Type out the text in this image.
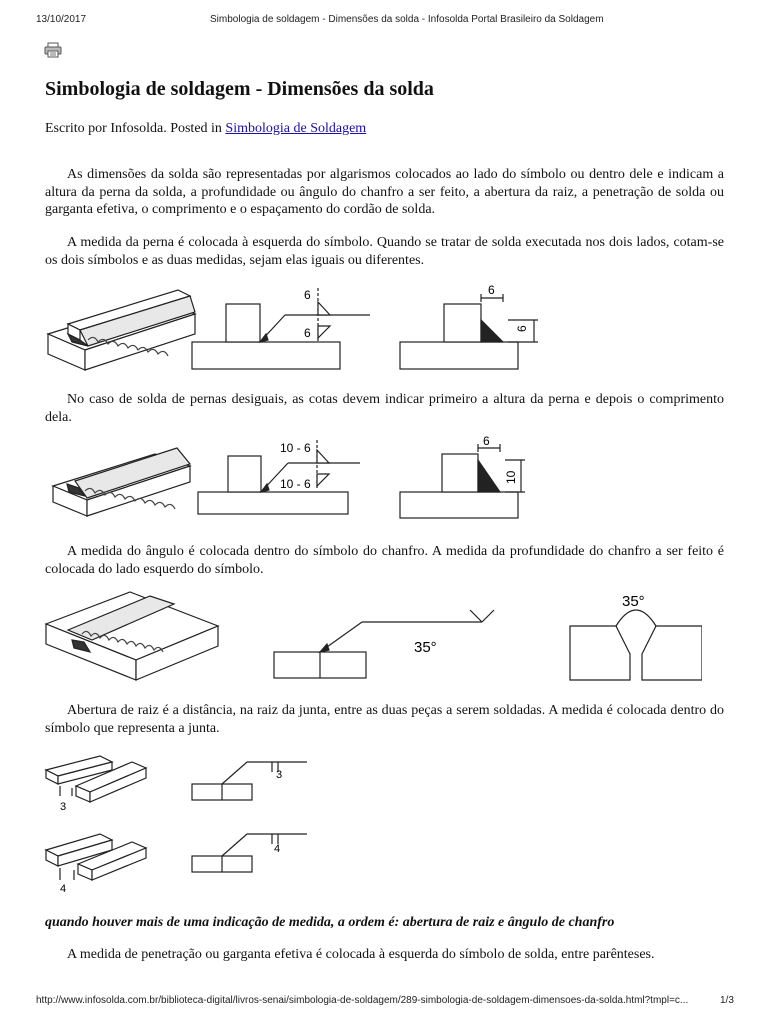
13/10/2017	Simbologia de soldagem - Dimensões da solda - Infosolda Portal Brasileiro da Soldagem
Simbologia de soldagem - Dimensões da solda
Escrito por Infosolda. Posted in Simbologia de Soldagem

As dimensões da solda são representadas por algarismos colocados ao lado do símbolo ou dentro dele e indicam a altura da perna da solda, a profundidade ou ângulo do chanfro a ser feito, a abertura da raiz, a penetração de solda ou garganta efetiva, o comprimento e o espaçamento do cordão de solda.

A medida da perna é colocada à esquerda do símbolo. Quando se tratar de solda executada nos dois lados, cotam-se os dois símbolos e as duas medidas, sejam elas iguais ou diferentes.

6
6
6
6

No caso de solda de pernas desiguais, as cotas devem indicar primeiro a altura da perna e depois o comprimento dela.

10 - 6
10 - 6
6
10

A medida do ângulo é colocada dentro do símbolo do chanfro. A medida da profundidade do chanfro a ser feito é colocada do lado esquerdo do símbolo.

35°
35°

Abertura de raiz é a distância, na raiz da junta, entre as duas peças a serem soldadas. A medida é colocada dentro do símbolo que representa a junta.

3
3
4
4

quando houver mais de uma indicação de medida, a ordem é: abertura de raiz e ângulo de chanfro

A medida de penetração ou garganta efetiva é colocada à esquerda do símbolo de solda, entre parênteses.

http://www.infosolda.com.br/biblioteca-digital/livros-senai/simbologia-de-soldagem/289-simbologia-de-soldagem-dimensoes-da-solda.html?tmpl=c...	1/3
